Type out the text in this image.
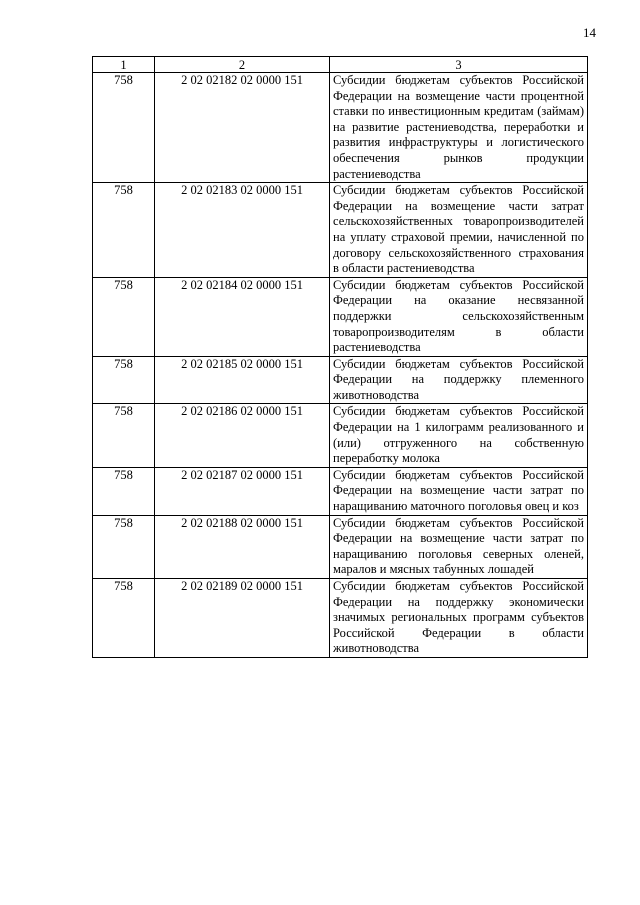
14
1	2	3
758	2 02 02182 02 0000 151	Субсидии бюджетам субъектов Российской Федерации на возмещение части процентной ставки по инвестиционным кредитам (займам) на развитие растениеводства, переработки и развития инфраструктуры и логистического обеспечения рынков продукции растениеводства
758	2 02 02183 02 0000 151	Субсидии бюджетам субъектов Российской Федерации на возмещение части затрат сельскохозяйственных товаропроизводителей на уплату страховой премии, начисленной по договору сельскохозяйственного страхования в области растениеводства
758	2 02 02184 02 0000 151	Субсидии бюджетам субъектов Российской Федерации на оказание несвязанной поддержки сельскохозяйственным товаропроизводителям в области растениеводства
758	2 02 02185 02 0000 151	Субсидии бюджетам субъектов Российской Федерации на поддержку племенного животноводства
758	2 02 02186 02 0000 151	Субсидии бюджетам субъектов Российской Федерации на 1 килограмм реализованного и (или) отгруженного на собственную переработку молока
758	2 02 02187 02 0000 151	Субсидии бюджетам субъектов Российской Федерации на возмещение части затрат по наращиванию маточного поголовья овец и коз
758	2 02 02188 02 0000 151	Субсидии бюджетам субъектов Российской Федерации на возмещение части затрат по наращиванию поголовья северных оленей, маралов и мясных табунных лошадей
758	2 02 02189 02 0000 151	Субсидии бюджетам субъектов Российской Федерации на поддержку экономически значимых региональных программ субъектов Российской Федерации в области животноводства
